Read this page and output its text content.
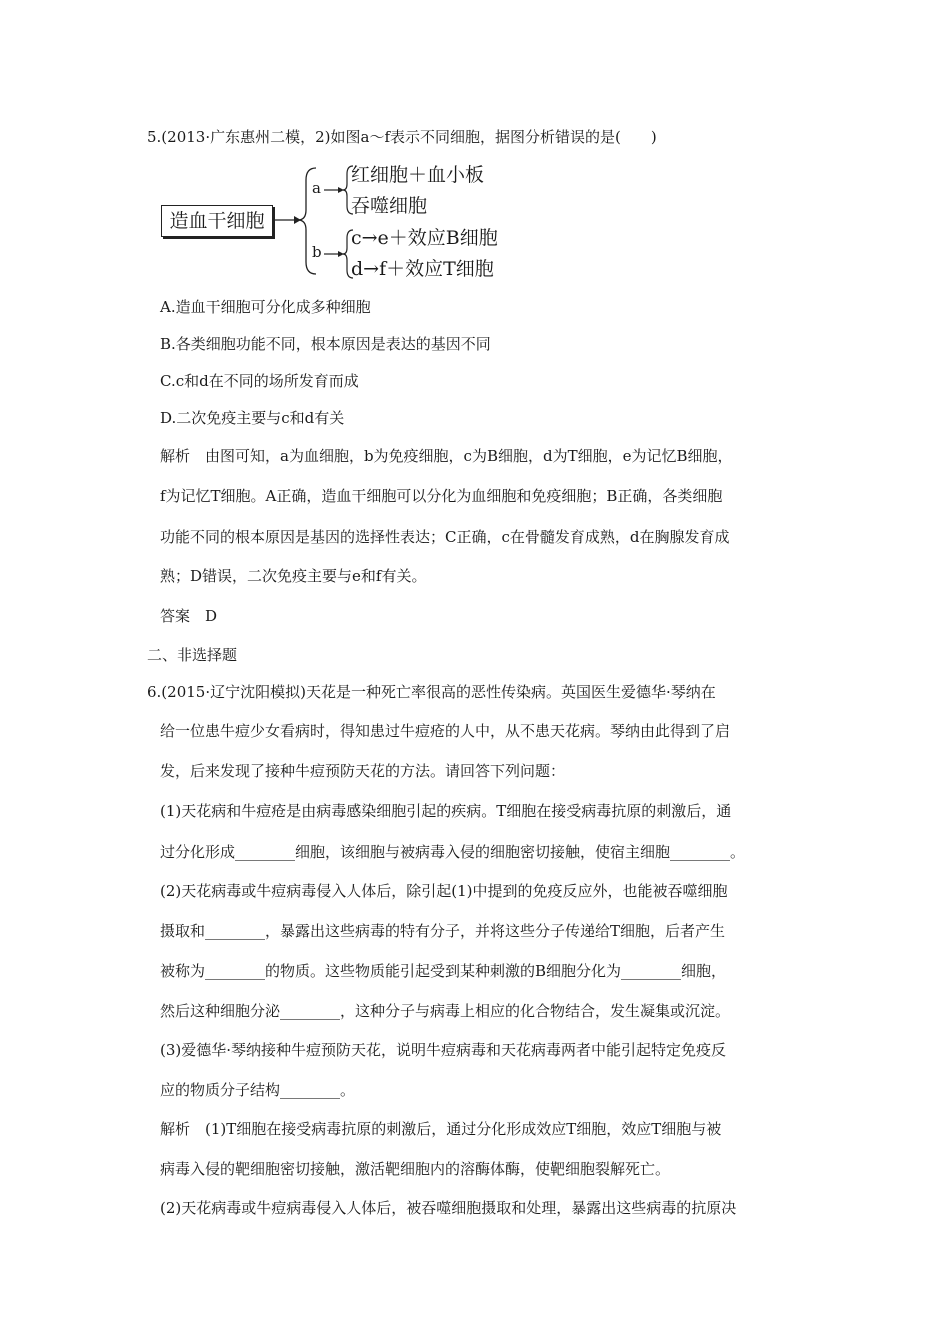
5.(2013·广东惠州二模，2)如图a～f表示不同细胞，据图分析错误的是(　　)
造血干细胞
a
红细胞＋血小板
吞噬细胞
b
c→e＋效应B细胞
d→f＋效应T细胞
A.造血干细胞可分化成多种细胞
B.各类细胞功能不同，根本原因是表达的基因不同
C.c和d在不同的场所发育而成
D.二次免疫主要与c和d有关
解析　由图可知，a为血细胞，b为免疫细胞，c为B细胞，d为T细胞，e为记忆B细胞，
f为记忆T细胞。A正确，造血干细胞可以分化为血细胞和免疫细胞；B正确，各类细胞
功能不同的根本原因是基因的选择性表达；C正确，c在骨髓发育成熟，d在胸腺发育成
熟；D错误，二次免疫主要与e和f有关。
答案　D
二、非选择题
6.(2015·辽宁沈阳模拟)天花是一种死亡率很高的恶性传染病。英国医生爱德华·琴纳在
给一位患牛痘少女看病时，得知患过牛痘疮的人中，从不患天花病。琴纳由此得到了启
发，后来发现了接种牛痘预防天花的方法。请回答下列问题：
(1)天花病和牛痘疮是由病毒感染细胞引起的疾病。T细胞在接受病毒抗原的刺激后，通
过分化形成________细胞，该细胞与被病毒入侵的细胞密切接触，使宿主细胞________。
(2)天花病毒或牛痘病毒侵入人体后，除引起(1)中提到的免疫反应外，也能被吞噬细胞
摄取和________，暴露出这些病毒的特有分子，并将这些分子传递给T细胞，后者产生
被称为________的物质。这些物质能引起受到某种刺激的B细胞分化为________细胞，
然后这种细胞分泌________，这种分子与病毒上相应的化合物结合，发生凝集或沉淀。
(3)爱德华·琴纳接种牛痘预防天花，说明牛痘病毒和天花病毒两者中能引起特定免疫反
应的物质分子结构________。
解析　(1)T细胞在接受病毒抗原的刺激后，通过分化形成效应T细胞，效应T细胞与被
病毒入侵的靶细胞密切接触，激活靶细胞内的溶酶体酶，使靶细胞裂解死亡。
(2)天花病毒或牛痘病毒侵入人体后，被吞噬细胞摄取和处理，暴露出这些病毒的抗原决
